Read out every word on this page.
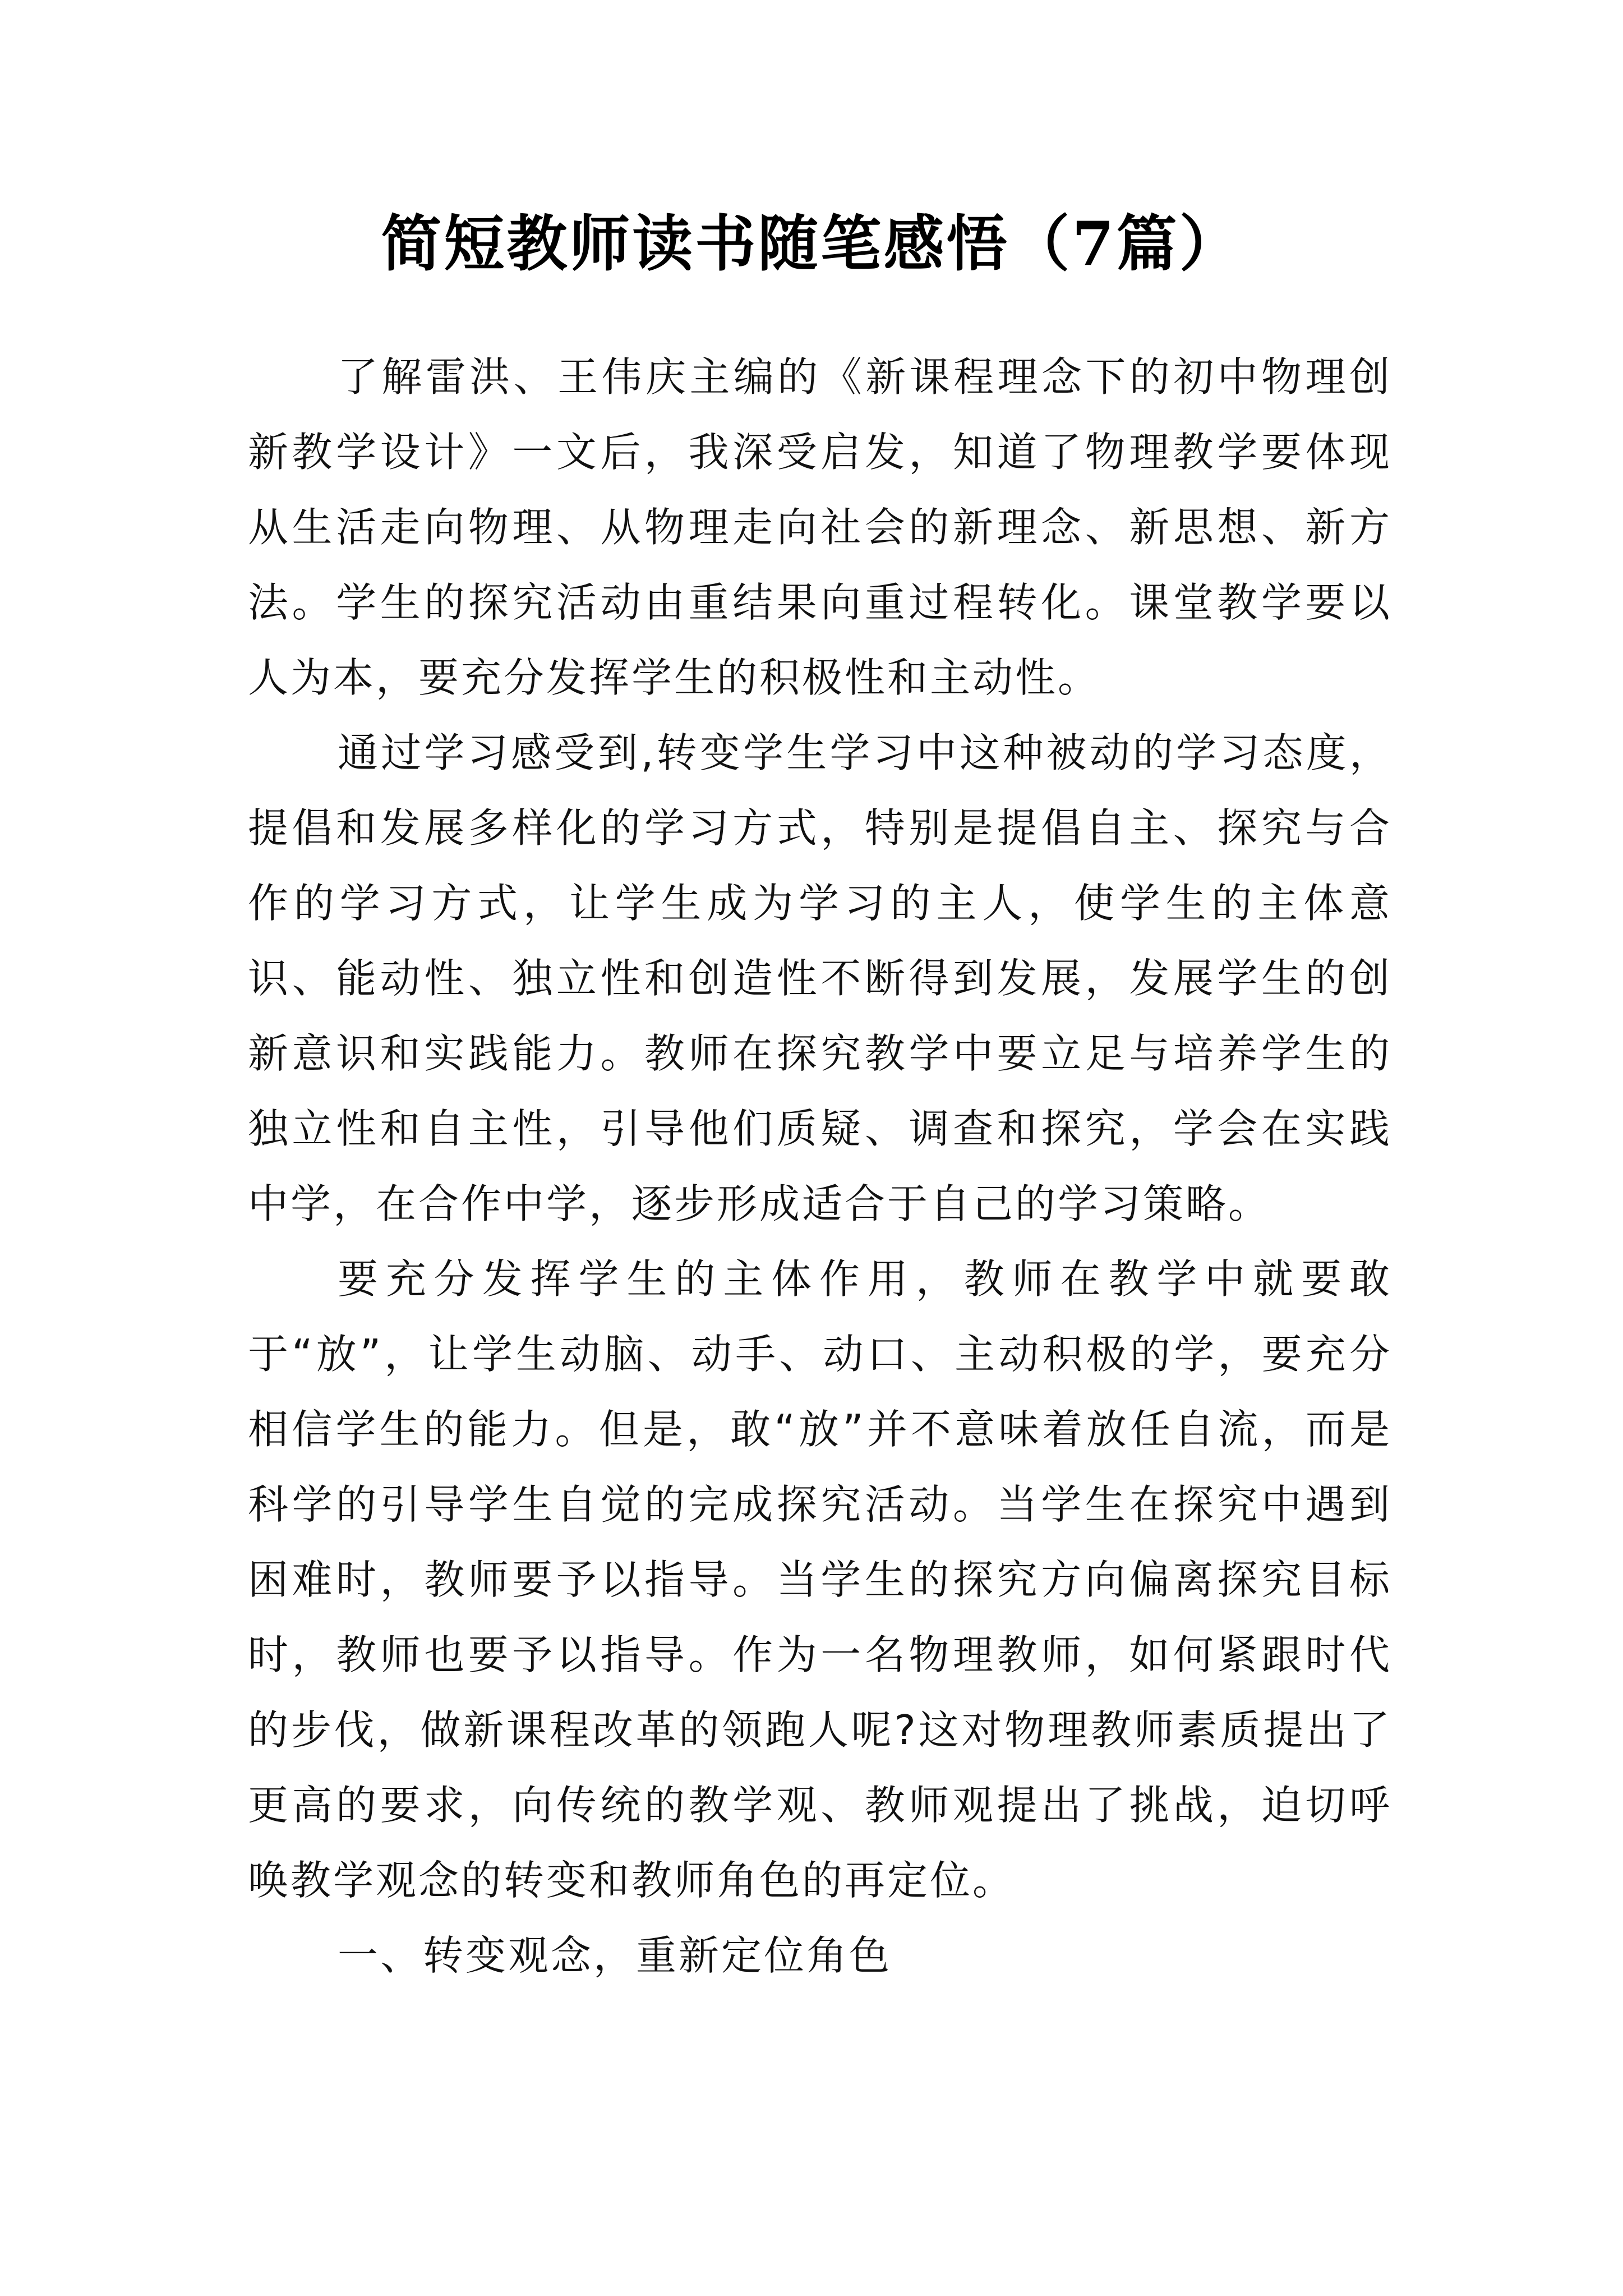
简短教师读书随笔感悟（7篇）

了解雷洪、王伟庆主编的《新课程理念下的初中物理创新教学设计》一文后，我深受启发，知道了物理教学要体现从生活走向物理、从物理走向社会的新理念、新思想、新方法。学生的探究活动由重结果向重过程转化。课堂教学要以人为本，要充分发挥学生的积极性和主动性。

通过学习感受到,转变学生学习中这种被动的学习态度，提倡和发展多样化的学习方式，特别是提倡自主、探究与合作的学习方式，让学生成为学习的主人，使学生的主体意识、能动性、独立性和创造性不断得到发展，发展学生的创新意识和实践能力。教师在探究教学中要立足与培养学生的独立性和自主性，引导他们质疑、调查和探究，学会在实践中学，在合作中学，逐步形成适合于自己的学习策略。

要充分发挥学生的主体作用，教师在教学中就要敢于“放”，让学生动脑、动手、动口、主动积极的学，要充分相信学生的能力。但是，敢“放”并不意味着放任自流，而是科学的引导学生自觉的完成探究活动。当学生在探究中遇到困难时，教师要予以指导。当学生的探究方向偏离探究目标时，教师也要予以指导。作为一名物理教师，如何紧跟时代的步伐，做新课程改革的领跑人呢?这对物理教师素质提出了更高的要求，向传统的教学观、教师观提出了挑战，迫切呼唤教学观念的转变和教师角色的再定位。

一、转变观念，重新定位角色
